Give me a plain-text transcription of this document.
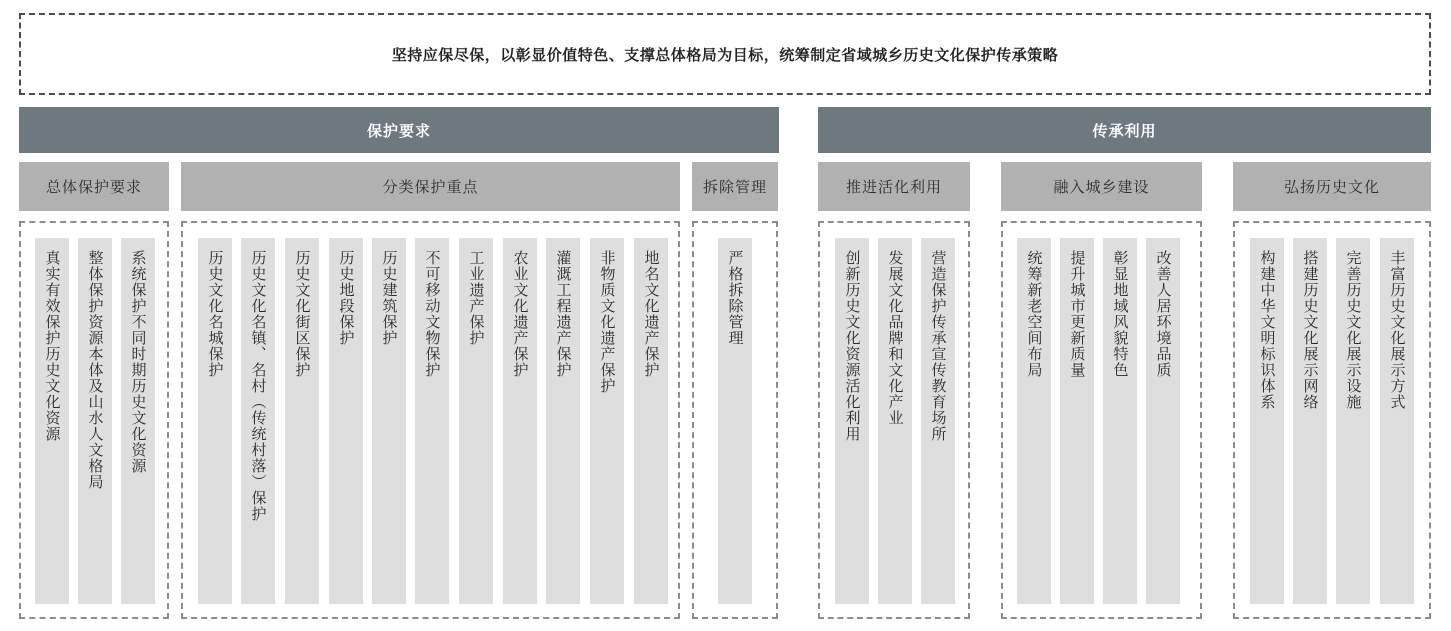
坚持应保尽保，以彰显价值特色、支撑总体格局为目标，统筹制定省域城乡历史文化保护传承策略
保护要求	传承利用
总体保护要求	分类保护重点	拆除管理	推进活化利用	融入城乡建设	弘扬历史文化
真实有效保护历史文化资源 整体保护资源本体及山水人文格局 系统保护不同时期历史文化资源	历史文化名城保护 历史文化名镇、名村（传统村落）保护 历史文化街区保护 历史地段保护 历史建筑保护 不可移动文物保护 工业遗产保护 农业文化遗产保护 灌溉工程遗产保护 非物质文化遗产保护 地名文化遗产保护	严格拆除管理	创新历史文化资源活化利用 发展文化品牌和文化产业 营造保护传承宣传教育场所	统筹新老空间布局 提升城市更新质量 彰显地域风貌特色 改善人居环境品质	构建中华文明标识体系 搭建历史文化展示网络 完善历史文化展示设施 丰富历史文化展示方式
